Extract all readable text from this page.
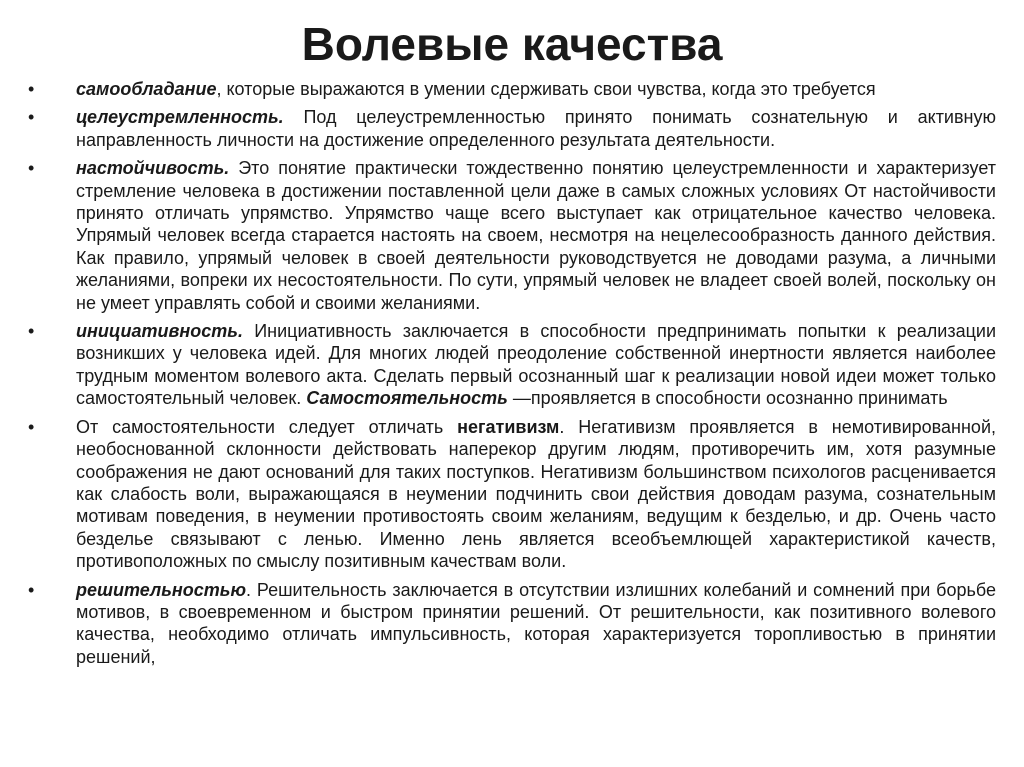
Волевые качества
• самообладание, которые выражаются в умении сдерживать свои чувства, когда это требуется
• целеустремленность. Под целеустремленностью принято понимать сознательную и активную направленность личности на достижение определенного результата деятельности.
• настойчивость. Это понятие практически тождественно понятию целеустремленности и характеризует стремление человека в достижении поставленной цели даже в самых сложных условиях От настойчивости принято отличать упрямство. Упрямство чаще всего выступает как отрицательное качество человека. Упрямый человек всегда старается настоять на своем, несмотря на нецелесообразность данного действия. Как правило, упрямый человек в своей деятельности руководствуется не доводами разума, а личными желаниями, вопреки их несостоятельности. По сути, упрямый человек не владеет своей волей, поскольку он не умеет управлять собой и своими желаниями.
• инициативность. Инициативность заключается в способности предпринимать попытки к реализации возникших у человека идей. Для многих людей преодоление собственной инертности является наиболее трудным моментом волевого акта. Сделать первый осознанный шаг к реализации новой идеи может только самостоятельный человек. Самостоятельность —проявляется в способности осознанно принимать
• От самостоятельности следует отличать негативизм. Негативизм проявляется в немотивированной, необоснованной склонности действовать наперекор другим людям, противоречить им, хотя разумные соображения не дают оснований для таких поступков. Негативизм большинством психологов расценивается как слабость воли, выражающаяся в неумении подчинить свои действия доводам разума, сознательным мотивам поведения, в неумении противостоять своим желаниям, ведущим к безделью, и др. Очень часто безделье связывают с ленью. Именно лень является всеобъемлющей характеристикой качеств, противоположных по смыслу позитивным качествам воли.
• решительностью. Решительность заключается в отсутствии излишних колебаний и сомнений при борьбе мотивов, в своевременном и быстром принятии решений. От решительности, как позитивного волевого качества, необходимо отличать импульсивность, которая характеризуется торопливостью в принятии решений,
